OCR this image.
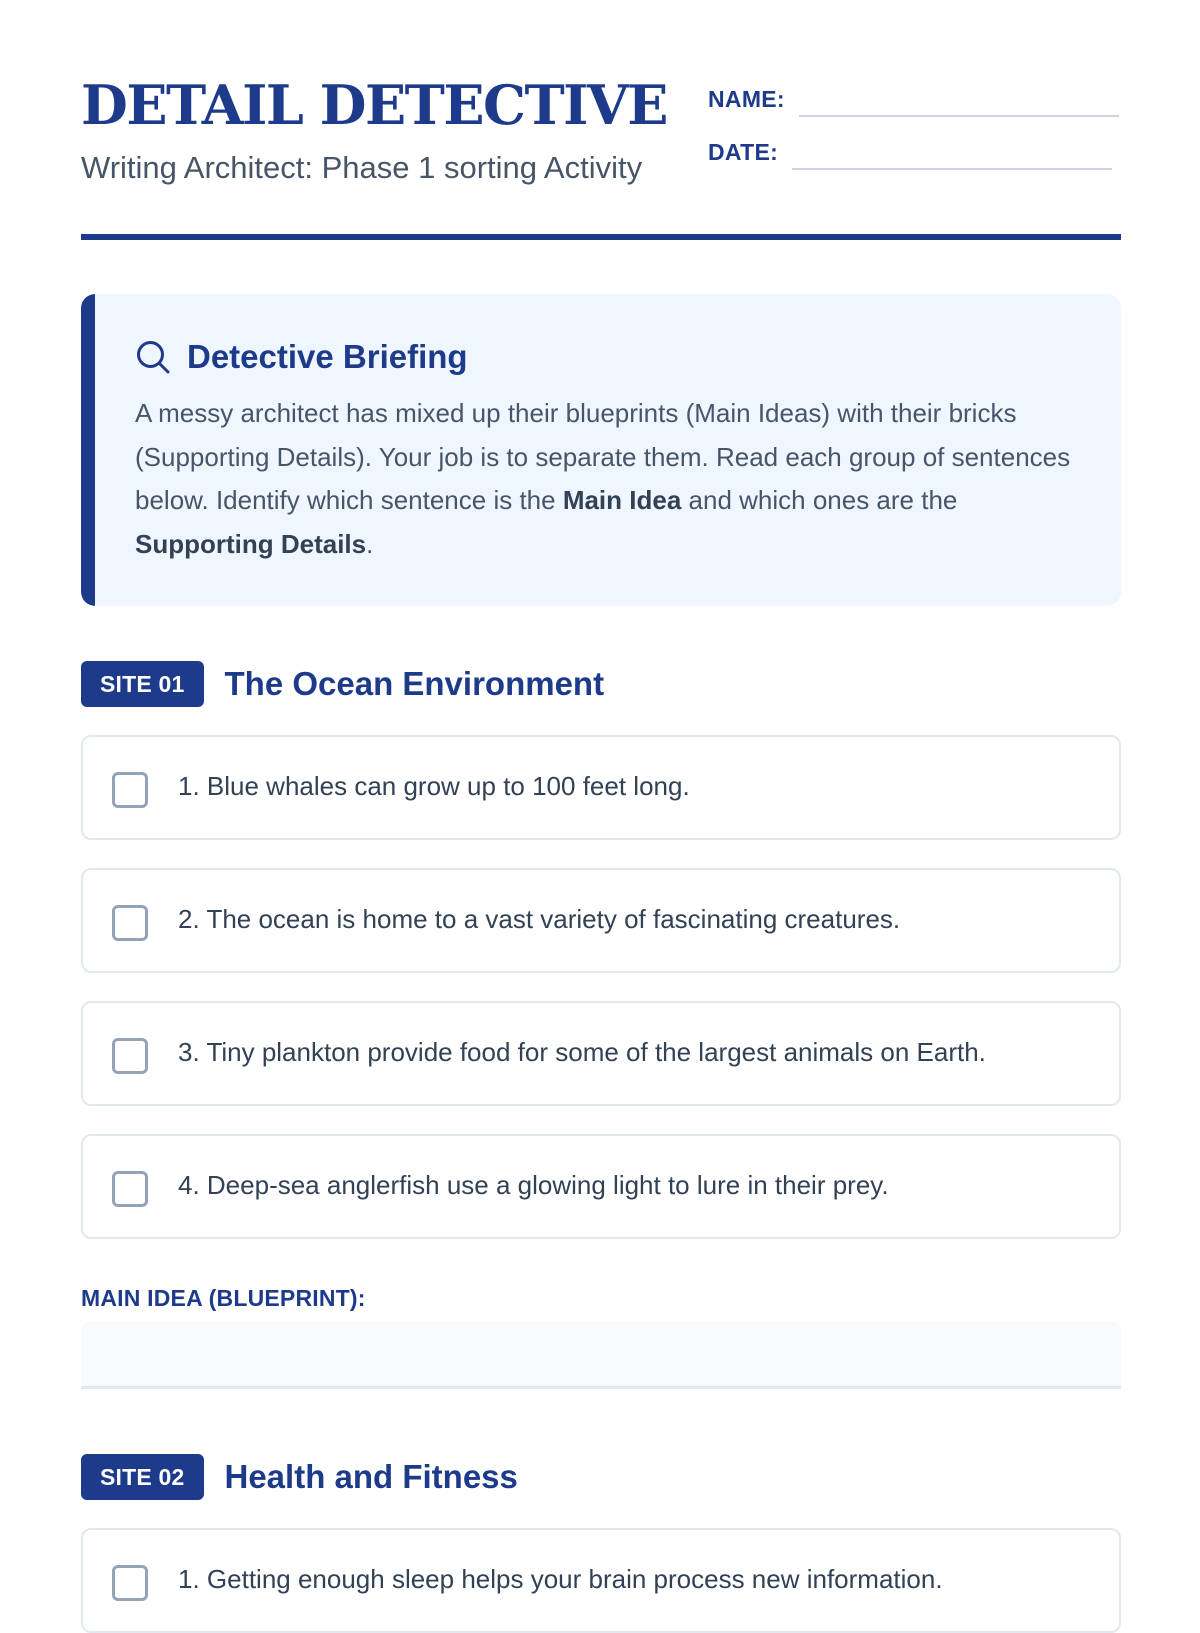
DETAIL DETECTIVE

Writing Architect: Phase 1 sorting Activity

NAME:
DATE:
Detective Briefing
A messy architect has mixed up their blueprints (Main Ideas) with their bricks (Supporting Details). Your job is to separate them. Read each group of sentences below. Identify which sentence is the Main Idea and which ones are the Supporting Details.
SITE 01	The Ocean Environment
1. Blue whales can grow up to 100 feet long.
2. The ocean is home to a vast variety of fascinating creatures.
3. Tiny plankton provide food for some of the largest animals on Earth.
4. Deep-sea anglerfish use a glowing light to lure in their prey.
MAIN IDEA (BLUEPRINT):
SITE 02	Health and Fitness
1. Getting enough sleep helps your brain process new information.
